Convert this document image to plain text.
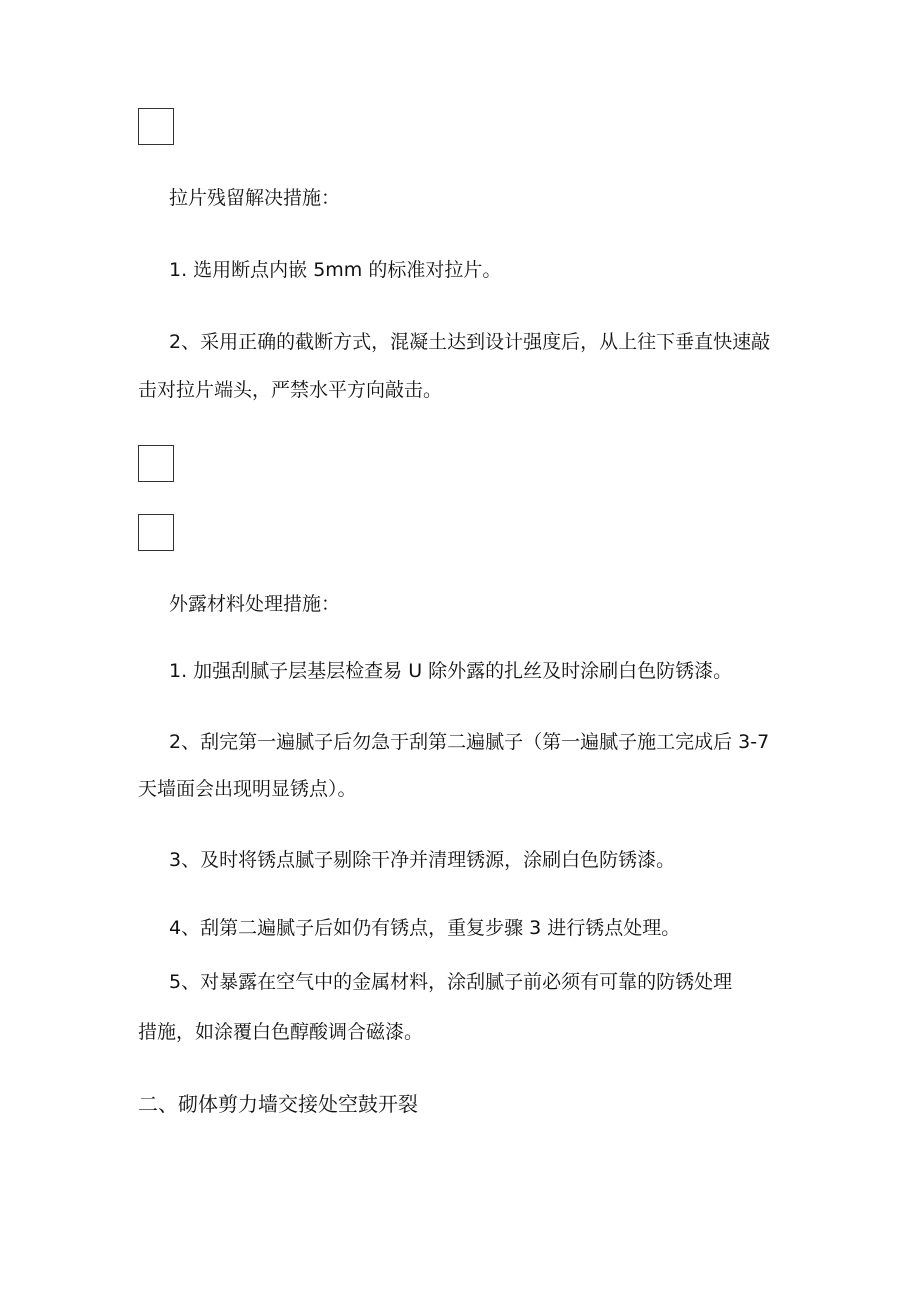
拉片残留解决措施：
1. 选用断点内嵌 5mm 的标准对拉片。
2、采用正确的截断方式，混凝土达到设计强度后，从上往下垂直快速敲
击对拉片端头，严禁水平方向敲击。
外露材料处理措施：
1. 加强刮腻子层基层检查易 U 除外露的扎丝及时涂刷白色防锈漆。
2、刮完第一遍腻子后勿急于刮第二遍腻子（第一遍腻子施工完成后 3-7
天墙面会出现明显锈点）。
3、及时将锈点腻子剔除干净并清理锈源，涂刷白色防锈漆。
4、刮第二遍腻子后如仍有锈点，重复步骤 3 进行锈点处理。
5、对暴露在空气中的金属材料，涂刮腻子前必须有可靠的防锈处理
措施，如涂覆白色醇酸调合磁漆。
二、砌体剪力墙交接处空鼓开裂
